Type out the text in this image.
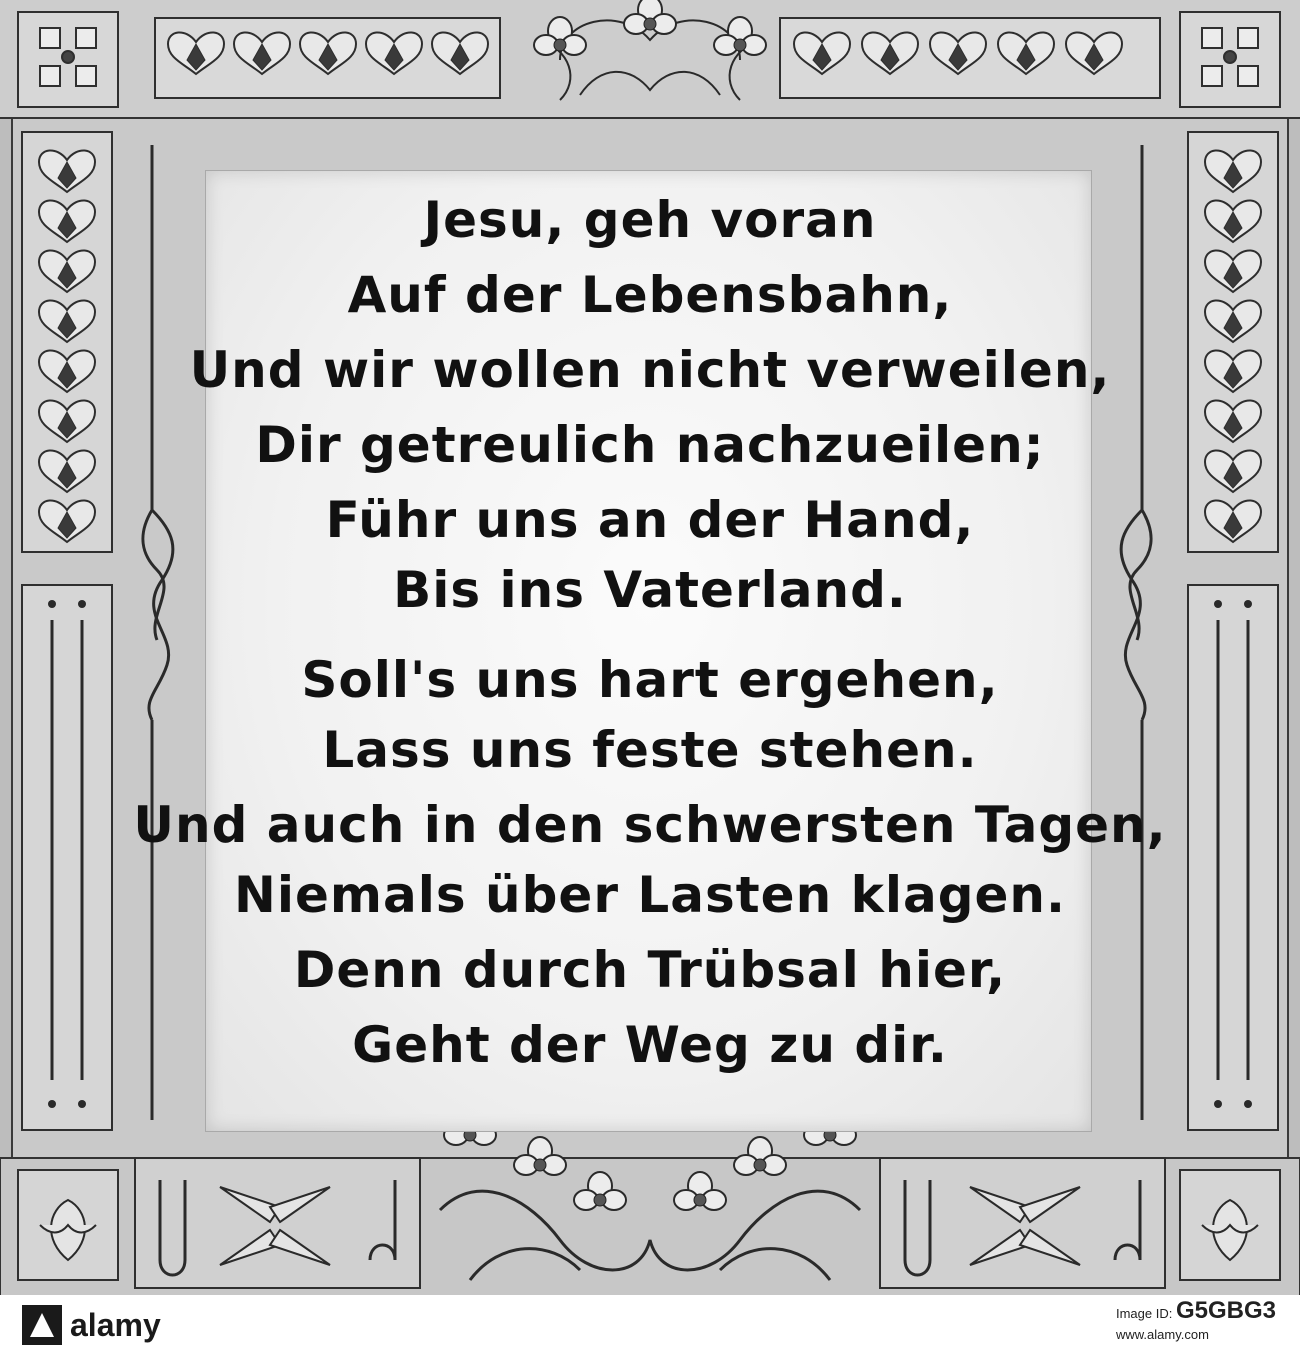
Jesu, geh voran
Auf der Lebensbahn,
Und wir wollen nicht verweilen,
Dir getreulich nachzueilen;
Führ uns an der Hand,
Bis ins Vaterland.
Soll's uns hart ergehen,
Lass uns feste stehen.
Und auch in den schwersten Tagen,
Niemals über Lasten klagen.
Denn durch Trübsal hier,
Geht der Weg zu dir.
alamy	Image ID: G5GBG3
www.alamy.com
